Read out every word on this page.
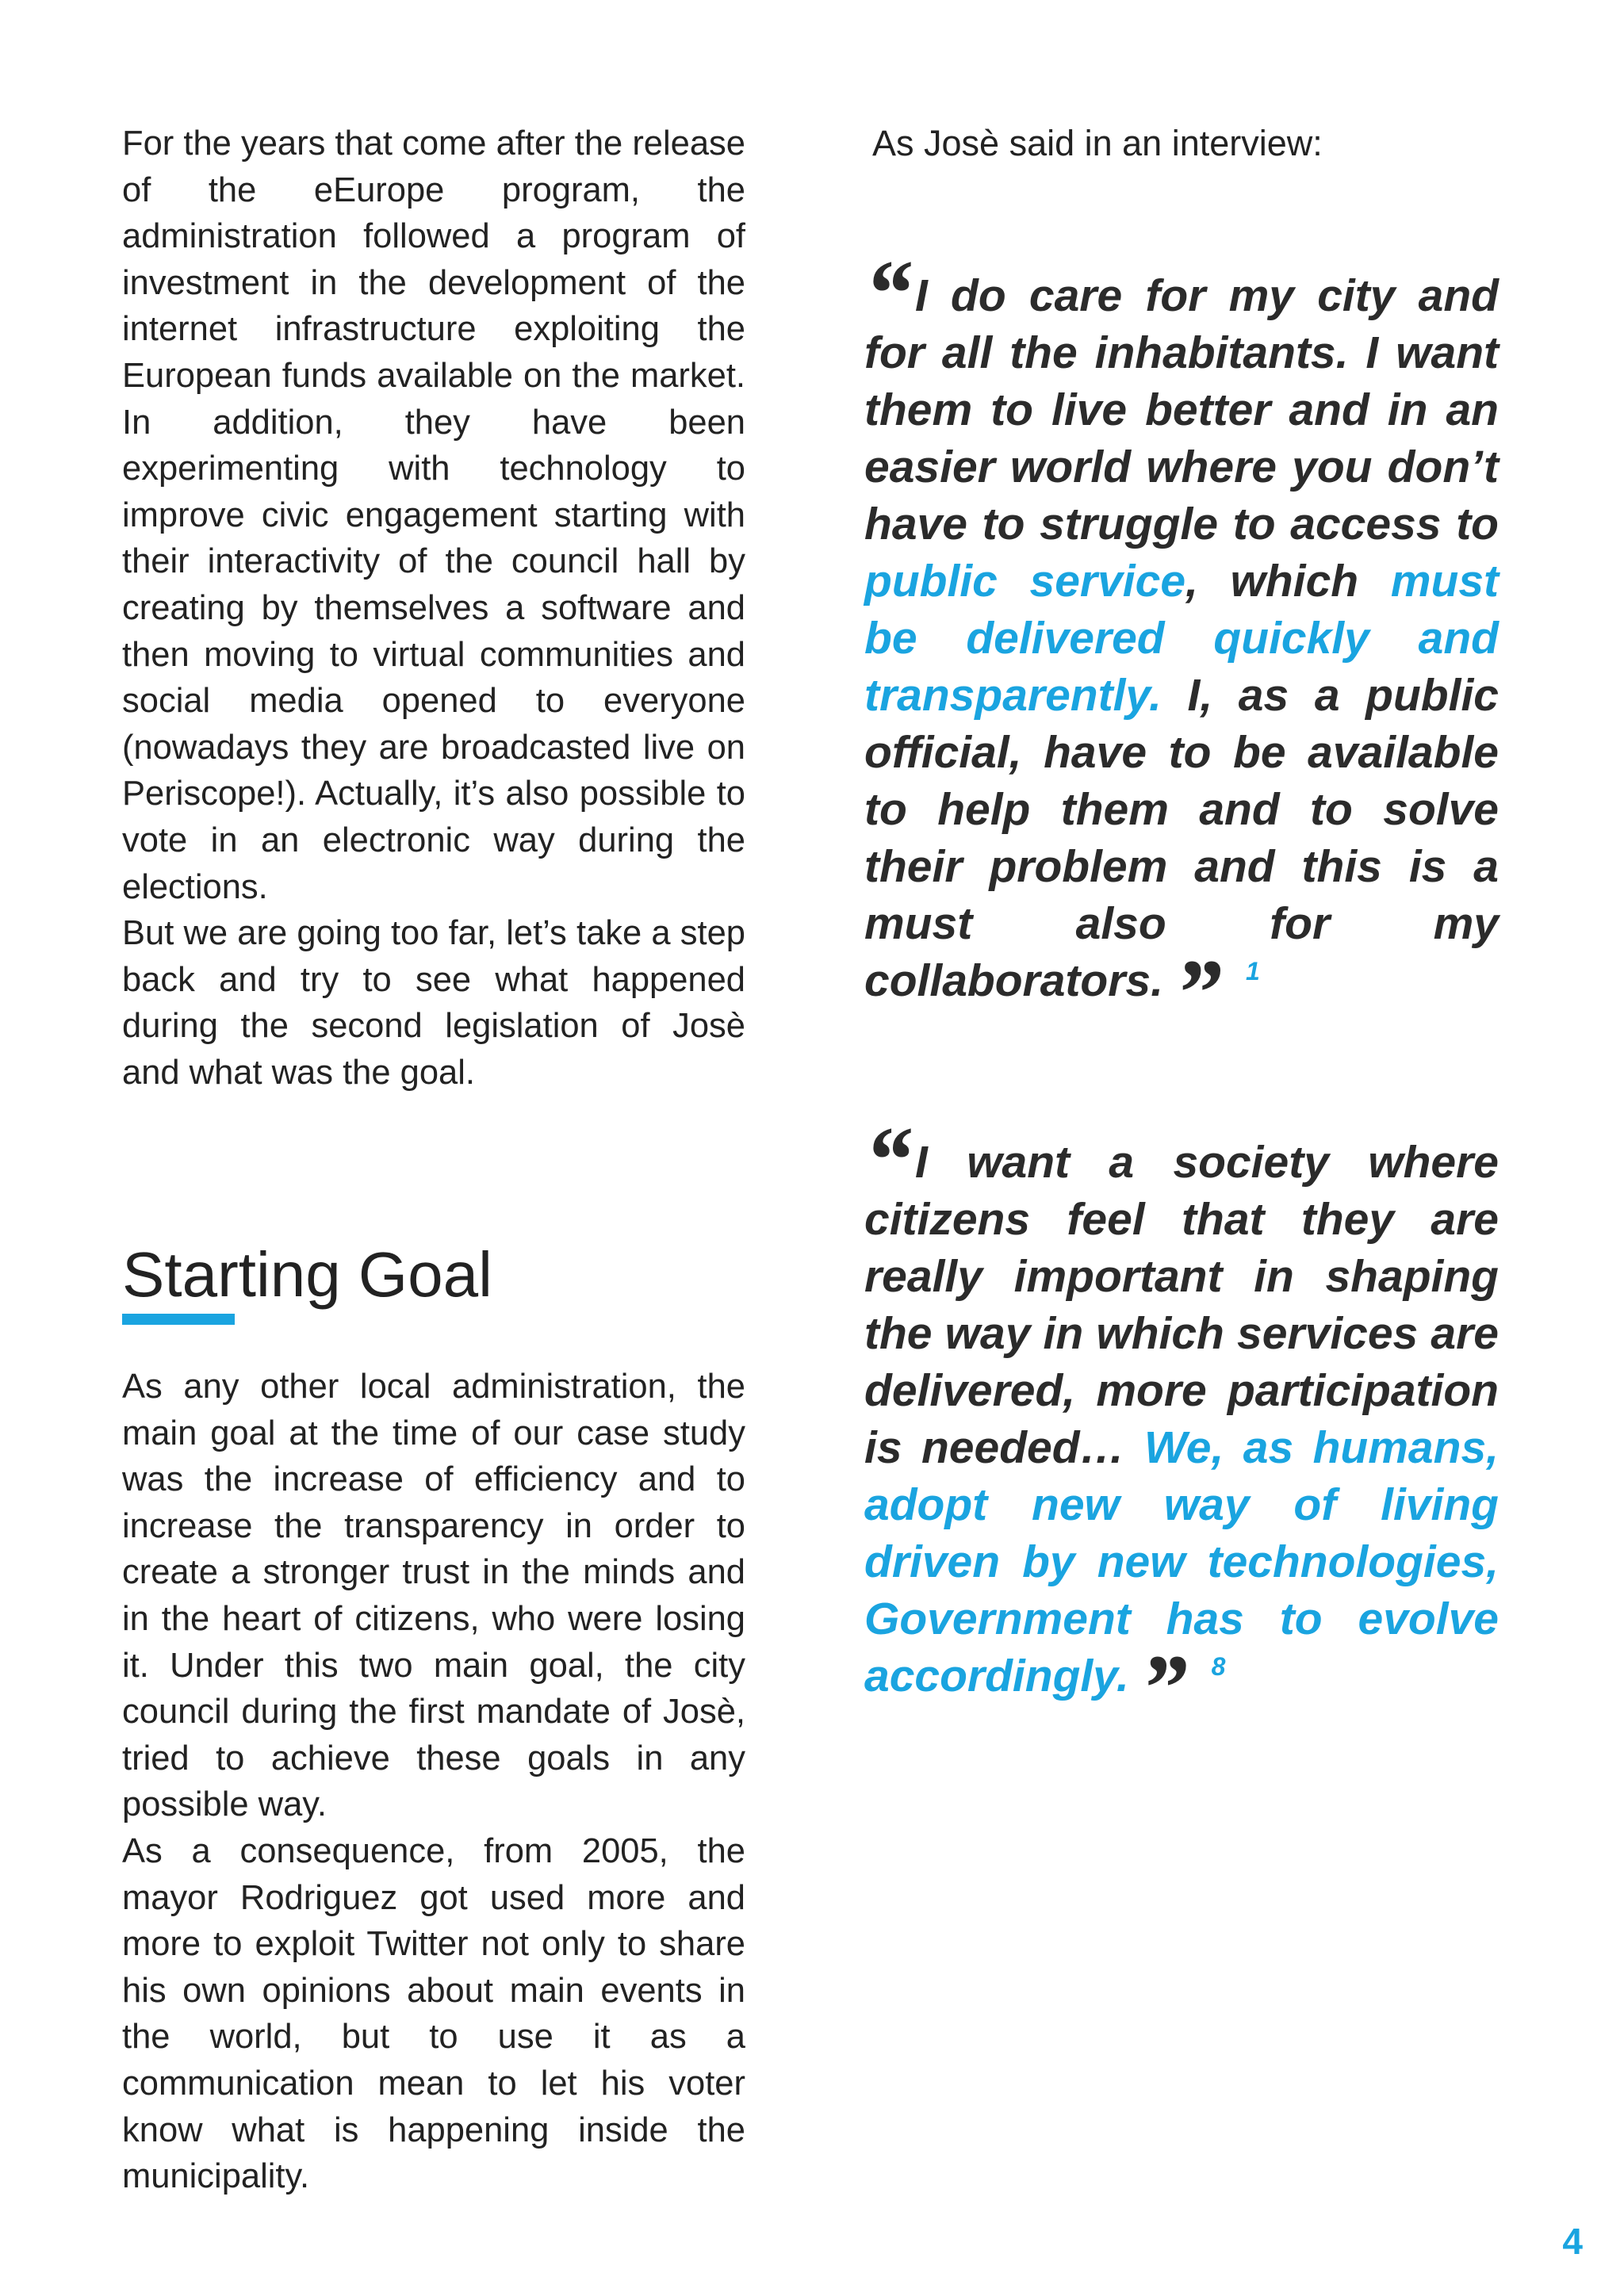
For the years that come after the release of the eEurope program, the administration followed a program of investment in the development of the internet infrastructure exploiting the European funds available on the market. In addition, they have been experimenting with technology to improve civic engagement starting with their interactivity of the council hall by creating by themselves a software and then moving to virtual communities and social media opened to everyone (nowadays they are broadcasted live on Periscope!). Actually, it’s also possible to vote in an electronic way during the elections.

But we are going too far, let’s take a step back and try to see what happened during the second legislation of Josè and what was the goal.

Starting Goal

As any other local administration, the main goal at the time of our case study was the increase of efficiency and to increase the transparency in order to create a stronger trust in the minds and in the heart of citizens, who were losing it. Under this two main goal, the city council during the first mandate of Josè, tried to achieve these goals in any possible way.

As a consequence, from 2005, the mayor Rodriguez got used more and more to exploit Twitter not only to share his own opinions about main events in the world, but to use it as a communication mean to let his voter know what is happening inside the municipality.

As Josè said in an interview:

“I do care for my city and for all the inhabitants. I want them to live better and in an easier world where you don’t have to struggle to access to public service, which must be delivered quickly and transparently. I, as a public official, have to be available to help them and to solve their problem and this is a must also for my collaborators. ” $^1$

“I want a society where citizens feel that they are really important in shaping the way in which services are delivered, more participation is needed… We, as humans, adopt new way of living driven by new technologies, Government has to evolve accordingly. ” $^8$

4
